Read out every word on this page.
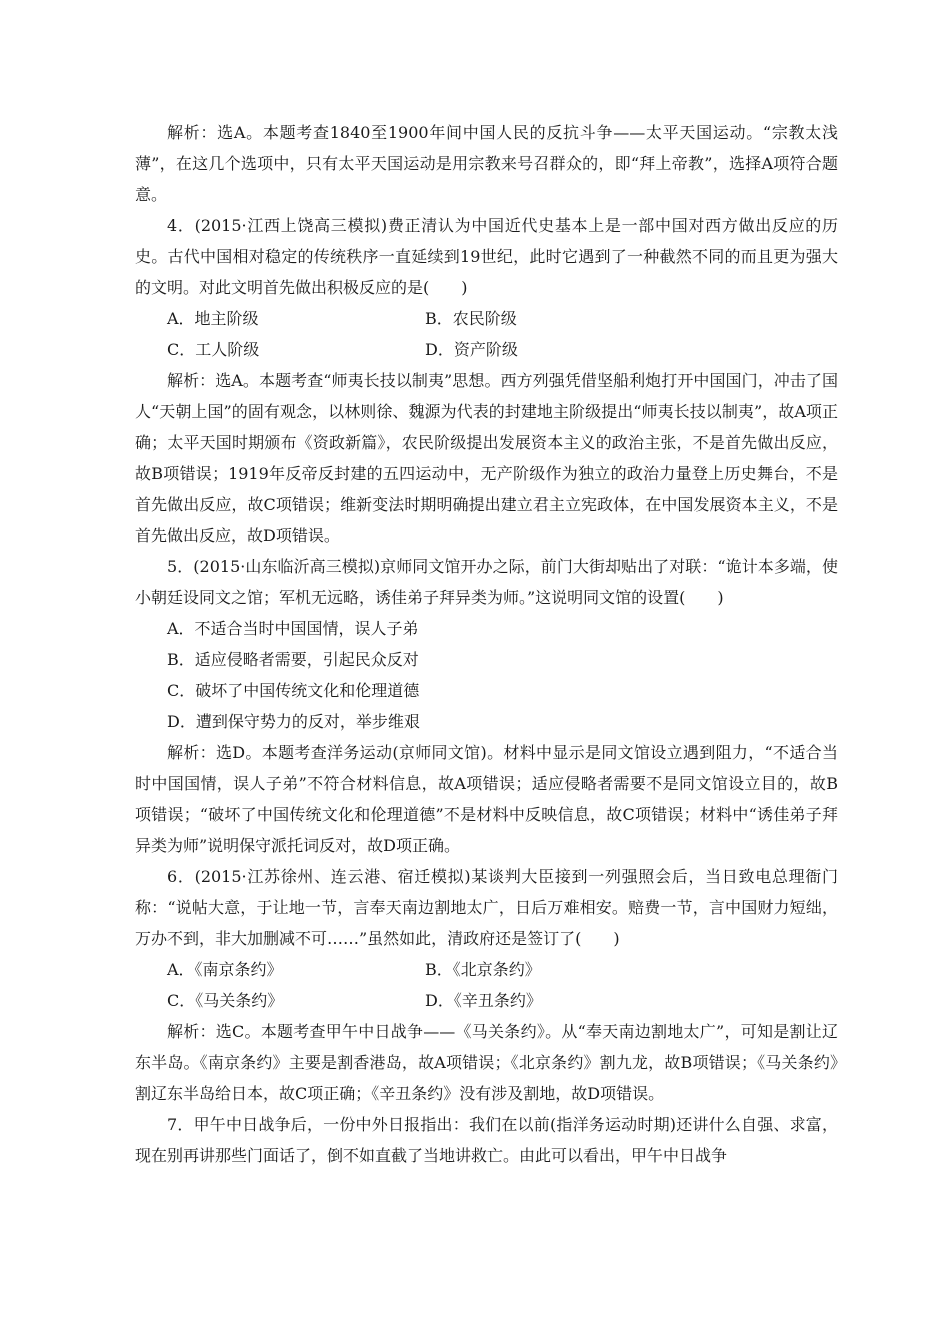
解析：选A。本题考查1840至1900年间中国人民的反抗斗争——太平天国运动。“宗教太浅薄”，在这几个选项中，只有太平天国运动是用宗教来号召群众的，即“拜上帝教”，选择A项符合题意。

4．(2015·江西上饶高三模拟)费正清认为中国近代史基本上是一部中国对西方做出反应的历史。古代中国相对稳定的传统秩序一直延续到19世纪，此时它遇到了一种截然不同的而且更为强大的文明。对此文明首先做出积极反应的是(　　)

A．地主阶级	B．农民阶级
C．工人阶级	D．资产阶级

解析：选A。本题考查“师夷长技以制夷”思想。西方列强凭借坚船利炮打开中国国门，冲击了国人“天朝上国”的固有观念，以林则徐、魏源为代表的封建地主阶级提出“师夷长技以制夷”，故A项正确；太平天国时期颁布《资政新篇》，农民阶级提出发展资本主义的政治主张，不是首先做出反应，故B项错误；1919年反帝反封建的五四运动中，无产阶级作为独立的政治力量登上历史舞台，不是首先做出反应，故C项错误；维新变法时期明确提出建立君主立宪政体，在中国发展资本主义，不是首先做出反应，故D项错误。

5．(2015·山东临沂高三模拟)京师同文馆开办之际，前门大街却贴出了对联：“诡计本多端，使小朝廷设同文之馆；军机无远略，诱佳弟子拜异类为师。”这说明同文馆的设置(　　)

A．不适合当时中国国情，误人子弟

B．适应侵略者需要，引起民众反对

C．破坏了中国传统文化和伦理道德

D．遭到保守势力的反对，举步维艰

解析：选D。本题考查洋务运动(京师同文馆)。材料中显示是同文馆设立遇到阻力，“不适合当时中国国情，误人子弟”不符合材料信息，故A项错误；适应侵略者需要不是同文馆设立目的，故B项错误；“破坏了中国传统文化和伦理道德”不是材料中反映信息，故C项错误；材料中“诱佳弟子拜异类为师”说明保守派托词反对，故D项正确。

6．(2015·江苏徐州、连云港、宿迁模拟)某谈判大臣接到一列强照会后，当日致电总理衙门称：“说帖大意，于让地一节，言奉天南边割地太广，日后万难相安。赔费一节，言中国财力短绌，万办不到，非大加删减不可……”虽然如此，清政府还是签订了(　　)

A．《南京条约》	B．《北京条约》
C．《马关条约》	D．《辛丑条约》

解析：选C。本题考查甲午中日战争——《马关条约》。从“奉天南边割地太广”，可知是割让辽东半岛。《南京条约》主要是割香港岛，故A项错误；《北京条约》割九龙，故B项错误；《马关条约》割辽东半岛给日本，故C项正确；《辛丑条约》没有涉及割地，故D项错误。

7．甲午中日战争后，一份中外日报指出：我们在以前(指洋务运动时期)还讲什么自强、求富，现在别再讲那些门面话了，倒不如直截了当地讲救亡。由此可以看出，甲午中日战争
